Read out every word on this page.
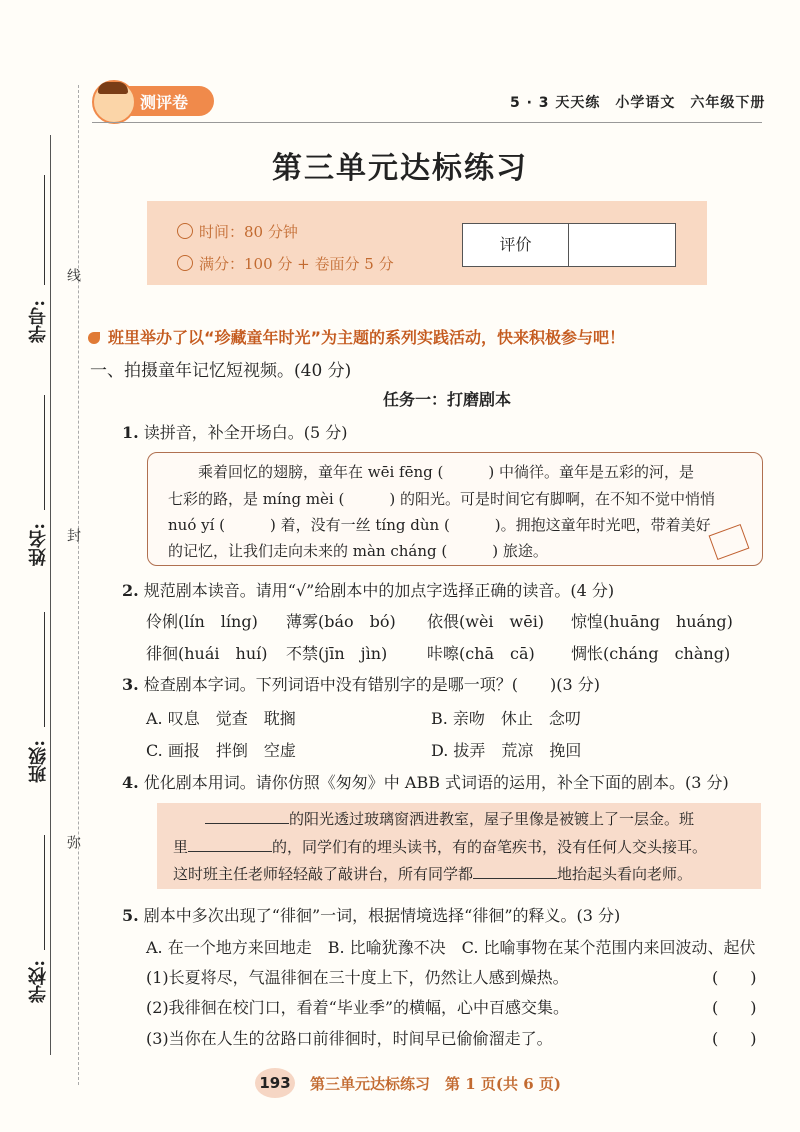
学号:
姓名:
班级:
学校:
线
封
弥
测评卷	5 · 3 天天练　小学语文　六年级下册
第三单元达标练习
时间：80 分钟
满分：100 分 + 卷面分 5 分
评价
班里举办了以“珍藏童年时光”为主题的系列实践活动，快来积极参与吧！
一、拍摄童年记忆短视频。(40 分)
任务一：打磨剧本
1. 读拼音，补全开场白。(5 分)
乘着回忆的翅膀，童年在 wēi fēng (　　　) 中徜徉。童年是五彩的河，是
七彩的路，是 míng mèi (　　　) 的阳光。可是时间它有脚啊，在不知不觉中悄悄
nuó yí (　　　) 着，没有一丝 tíng dùn (　　　)。拥抱这童年时光吧，带着美好
的记忆，让我们走向未来的 màn cháng (　　　) 旅途。
2. 规范剧本读音。请用“√”给剧本中的加点字选择正确的读音。(4 分)
伶俐(lín　líng) 薄雾(báo　bó) 依偎(wèi　wēi) 惊惶(huāng　huáng)
徘徊(huái　huí) 不禁(jīn　jìn) 咔嚓(chā　cā) 惆怅(cháng　chàng)
3. 检查剧本字词。下列词语中没有错别字的是哪一项？(　　)(3 分)
A. 叹息　觉查　耽搁	B. 亲吻　休止　念叨
C. 画报　拌倒　空虚	D. 拔弄　荒凉　挽回
4. 优化剧本用词。请你仿照《匆匆》中 ABB 式词语的运用，补全下面的剧本。(3 分)
的阳光透过玻璃窗洒进教室，屋子里像是被镀上了一层金。班
里	的，同学们有的埋头读书，有的奋笔疾书，没有任何人交头接耳。
这时班主任老师轻轻敲了敲讲台，所有同学都	地抬起头看向老师。
5. 剧本中多次出现了“徘徊”一词，根据情境选择“徘徊”的释义。(3 分)
A. 在一个地方来回地走　B. 比喻犹豫不决　C. 比喻事物在某个范围内来回波动、起伏
(1)长夏将尽，气温徘徊在三十度上下，仍然让人感到燥热。	(　　)
(2)我徘徊在校门口，看着“毕业季”的横幅，心中百感交集。	(　　)
(3)当你在人生的岔路口前徘徊时，时间早已偷偷溜走了。	(　　)
193 第三单元达标练习　第 1 页(共 6 页)
